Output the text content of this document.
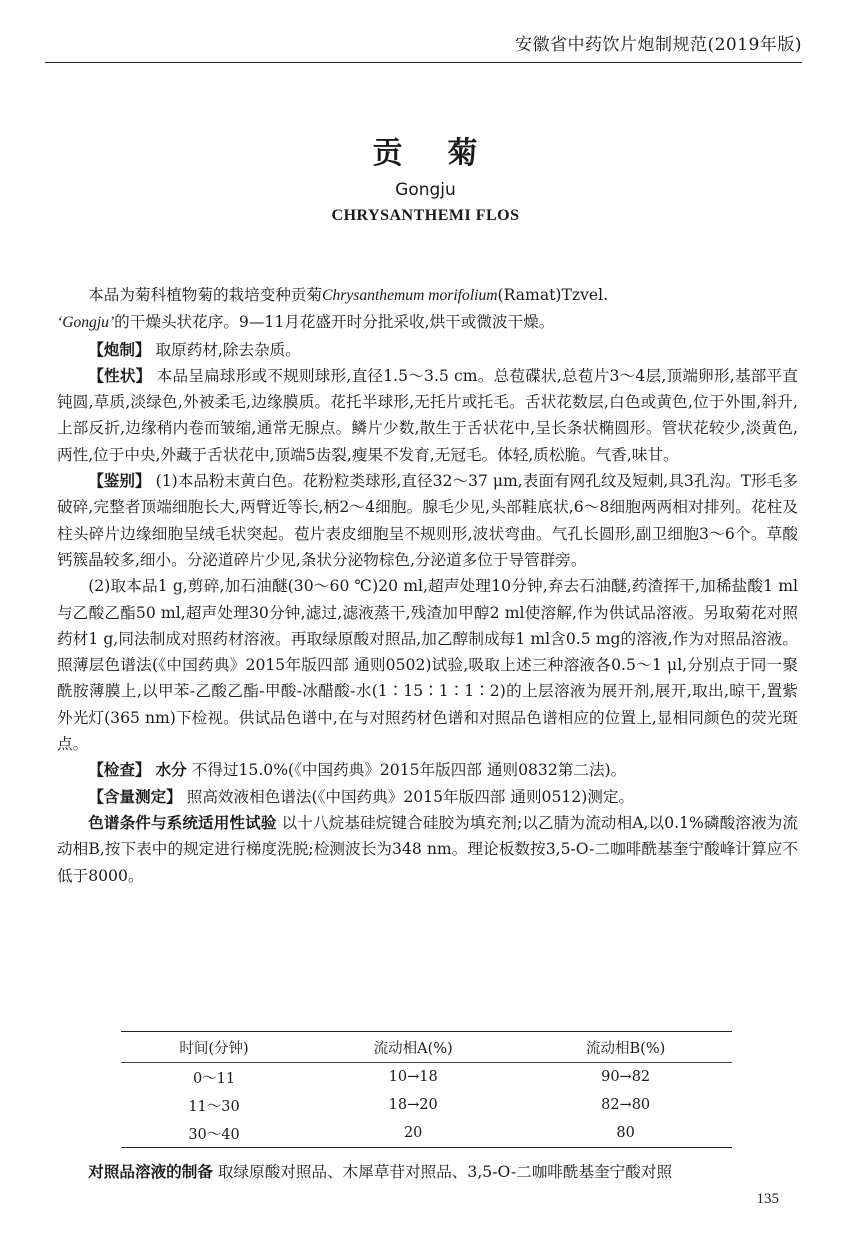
安徽省中药饮片炮制规范(2019年版)
贡 菊
Gongju
CHRYSANTHEMI FLOS

本品为菊科植物菊的栽培变种贡菊Chrysanthemum morifolium(Ramat)Tzvel.
‘Gongju’的干燥头状花序。9—11月花盛开时分批采收,烘干或微波干燥。

【炮制】 取原药材,除去杂质。

【性状】 本品呈扁球形或不规则球形,直径1.5～3.5 cm。总苞碟状,总苞片3～4层,顶端卵形,基部平直钝圆,草质,淡绿色,外被柔毛,边缘膜质。花托半球形,无托片或托毛。舌状花数层,白色或黄色,位于外围,斜升,上部反折,边缘稍内卷而皱缩,通常无腺点。鳞片少数,散生于舌状花中,呈长条状椭圆形。管状花较少,淡黄色,两性,位于中央,外藏于舌状花中,顶端5齿裂,瘦果不发育,无冠毛。体轻,质松脆。气香,味甘。

【鉴别】 (1)本品粉末黄白色。花粉粒类球形,直径32～37 μm,表面有网孔纹及短刺,具3孔沟。T形毛多破碎,完整者顶端细胞长大,两臂近等长,柄2～4细胞。腺毛少见,头部鞋底状,6～8细胞两两相对排列。花柱及柱头碎片边缘细胞呈绒毛状突起。苞片表皮细胞呈不规则形,波状弯曲。气孔长圆形,副卫细胞3～6个。草酸钙簇晶较多,细小。分泌道碎片少见,条状分泌物棕色,分泌道多位于导管群旁。

(2)取本品1 g,剪碎,加石油醚(30～60 ℃)20 ml,超声处理10分钟,弃去石油醚,药渣挥干,加稀盐酸1 ml与乙酸乙酯50 ml,超声处理30分钟,滤过,滤液蒸干,残渣加甲醇2 ml使溶解,作为供试品溶液。另取菊花对照药材1 g,同法制成对照药材溶液。再取绿原酸对照品,加乙醇制成每1 ml含0.5 mg的溶液,作为对照品溶液。照薄层色谱法(《中国药典》2015年版四部 通则0502)试验,吸取上述三种溶液各0.5～1 μl,分别点于同一聚酰胺薄膜上,以甲苯-乙酸乙酯-甲酸-冰醋酸-水(1∶15∶1∶1∶2)的上层溶液为展开剂,展开,取出,晾干,置紫外光灯(365 nm)下检视。供试品色谱中,在与对照药材色谱和对照品色谱相应的位置上,显相同颜色的荧光斑点。

【检查】 水分 不得过15.0%(《中国药典》2015年版四部 通则0832第二法)。

【含量测定】 照高效液相色谱法(《中国药典》2015年版四部 通则0512)测定。

色谱条件与系统适用性试验 以十八烷基硅烷键合硅胶为填充剂;以乙腈为流动相A,以0.1%磷酸溶液为流动相B,按下表中的规定进行梯度洗脱;检测波长为348 nm。理论板数按3,5-O-二咖啡酰基奎宁酸峰计算应不低于8000。

时间(分钟)	流动相A(%)	流动相B(%)
0～11	10→18	90→82
11～30	18→20	82→80
30～40	20	80
对照品溶液的制备 取绿原酸对照品、木犀草苷对照品、3,5-O-二咖啡酰基奎宁酸对照
135
